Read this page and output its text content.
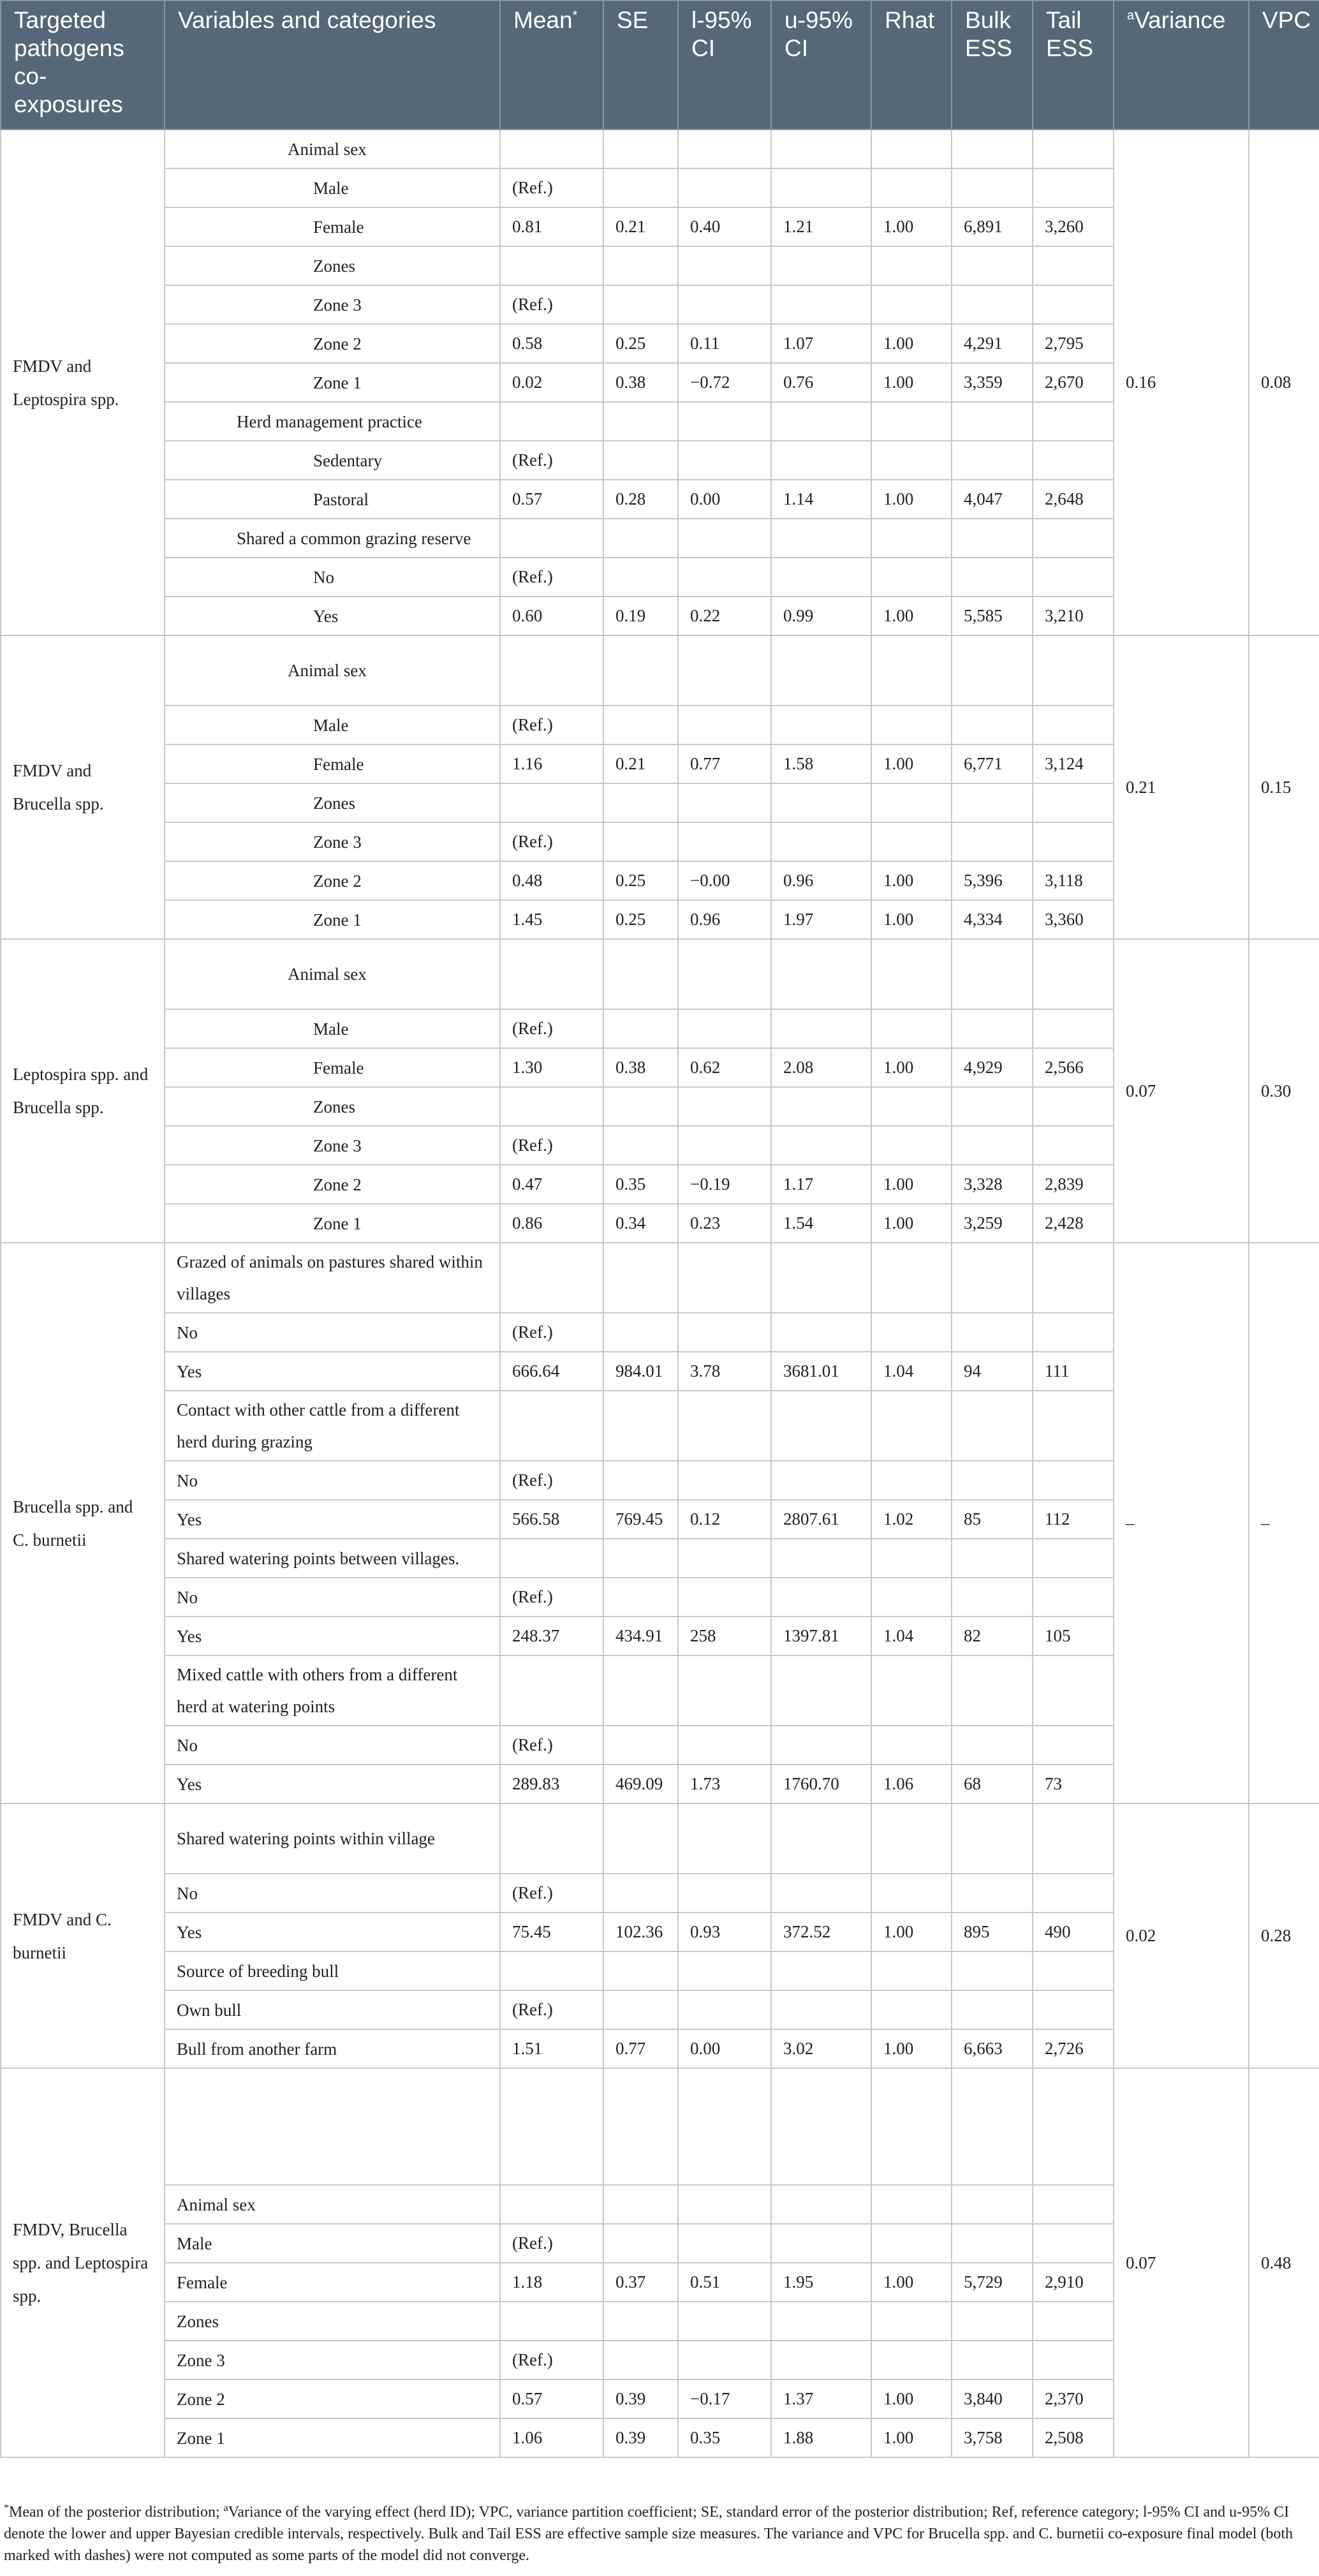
Targeted pathogens co-exposures	Variables and categories	Mean*	SE	l-95% CI	u-95% CI	Rhat	Bulk ESS	Tail ESS	$^a$Variance	VPC
FMDV and Leptospira spp.	Animal sex								0.16	0.08
	Male	(Ref.)								
	Female	0.81	0.21	0.40	1.21	1.00	6,891	3,260		
	Zones									
	Zone 3	(Ref.)								
	Zone 2	0.58	0.25	0.11	1.07	1.00	4,291	2,795		
	Zone 1	0.02	0.38	−0.72	0.76	1.00	3,359	2,670		
	Herd management practice									
	Sedentary	(Ref.)								
	Pastoral	0.57	0.28	0.00	1.14	1.00	4,047	2,648		
	Shared a common grazing reserve									
	No	(Ref.)								
	Yes	0.60	0.19	0.22	0.99	1.00	5,585	3,210		
FMDV and Brucella spp.	Animal sex								0.21	0.15
	Male	(Ref.)								
	Female	1.16	0.21	0.77	1.58	1.00	6,771	3,124		
	Zones									
	Zone 3	(Ref.)								
	Zone 2	0.48	0.25	−0.00	0.96	1.00	5,396	3,118		
	Zone 1	1.45	0.25	0.96	1.97	1.00	4,334	3,360		
Leptospira spp. and Brucella spp.	Animal sex								0.07	0.30
	Male	(Ref.)								
	Female	1.30	0.38	0.62	2.08	1.00	4,929	2,566		
	Zones									
	Zone 3	(Ref.)								
	Zone 2	0.47	0.35	−0.19	1.17	1.00	3,328	2,839		
	Zone 1	0.86	0.34	0.23	1.54	1.00	3,259	2,428		
Brucella spp. and C. burnetii	Grazed of animals on pastures shared within villages								–	–
	No	(Ref.)								
	Yes	666.64	984.01	3.78	3681.01	1.04	94	111		
	Contact with other cattle from a different herd during grazing									
	No	(Ref.)								
	Yes	566.58	769.45	0.12	2807.61	1.02	85	112		
	Shared watering points between villages.									
	No	(Ref.)								
	Yes	248.37	434.91	258	1397.81	1.04	82	105		
	Mixed cattle with others from a different herd at watering points									
	No	(Ref.)								
	Yes	289.83	469.09	1.73	1760.70	1.06	68	73		
FMDV and C. burnetii	Shared watering points within village								0.02	0.28
	No	(Ref.)								
	Yes	75.45	102.36	0.93	372.52	1.00	895	490		
	Source of breeding bull									
	Own bull	(Ref.)								
	Bull from another farm	1.51	0.77	0.00	3.02	1.00	6,663	2,726		
FMDV, Brucella spp. and Leptospira spp.									0.07	0.48
	Animal sex									
	Male	(Ref.)								
	Female	1.18	0.37	0.51	1.95	1.00	5,729	2,910		
	Zones									
	Zone 3	(Ref.)								
	Zone 2	0.57	0.39	−0.17	1.37	1.00	3,840	2,370		
	Zone 1	1.06	0.39	0.35	1.88	1.00	3,758	2,508		
*Mean of the posterior distribution; $^a$Variance of the varying effect (herd ID); VPC, variance partition coefficient; SE, standard error of the posterior distribution; Ref, reference category; l-95% CI and u-95% CI denote the lower and upper Bayesian credible intervals, respectively. Bulk and Tail ESS are effective sample size measures. The variance and VPC for Brucella spp. and C. burnetii co-exposure final model (both marked with dashes) were not computed as some parts of the model did not converge.
